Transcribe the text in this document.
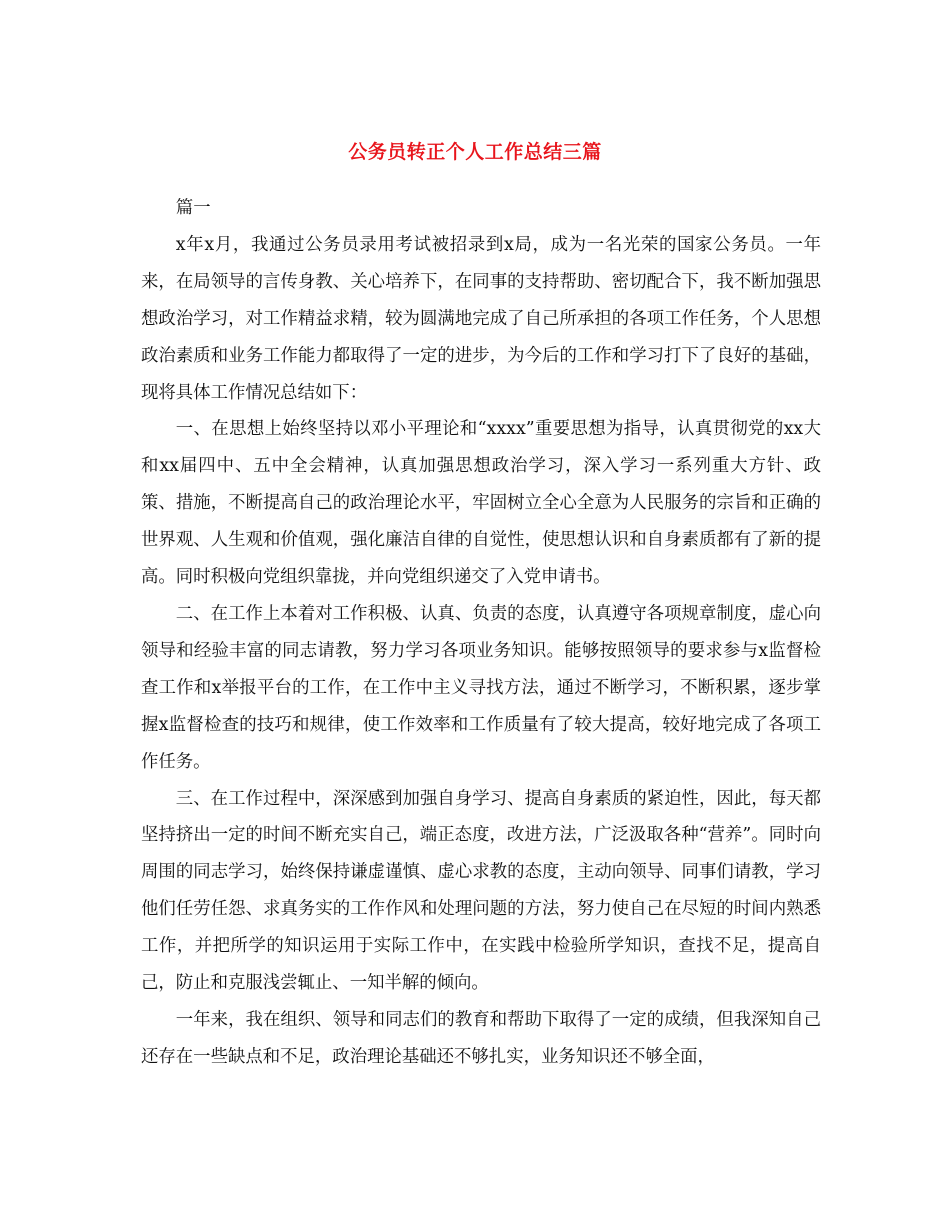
公务员转正个人工作总结三篇

篇一

x年x月，我通过公务员录用考试被招录到x局，成为一名光荣的国家公务员。一年来，在局领导的言传身教、关心培养下，在同事的支持帮助、密切配合下，我不断加强思想政治学习，对工作精益求精，较为圆满地完成了自己所承担的各项工作任务，个人思想政治素质和业务工作能力都取得了一定的进步，为今后的工作和学习打下了良好的基础，现将具体工作情况总结如下：

一、在思想上始终坚持以邓小平理论和“xxxx”重要思想为指导，认真贯彻党的xx大和xx届四中、五中全会精神，认真加强思想政治学习，深入学习一系列重大方针、政策、措施，不断提高自己的政治理论水平，牢固树立全心全意为人民服务的宗旨和正确的世界观、人生观和价值观，强化廉洁自律的自觉性，使思想认识和自身素质都有了新的提高。同时积极向党组织靠拢，并向党组织递交了入党申请书。

二、在工作上本着对工作积极、认真、负责的态度，认真遵守各项规章制度，虚心向领导和经验丰富的同志请教，努力学习各项业务知识。能够按照领导的要求参与x监督检查工作和x举报平台的工作，在工作中主义寻找方法，通过不断学习，不断积累，逐步掌握x监督检查的技巧和规律，使工作效率和工作质量有了较大提高，较好地完成了各项工作任务。

三、在工作过程中，深深感到加强自身学习、提高自身素质的紧迫性，因此，每天都坚持挤出一定的时间不断充实自己，端正态度，改进方法，广泛汲取各种“营养”。同时向周围的同志学习，始终保持谦虚谨慎、虚心求教的态度，主动向领导、同事们请教，学习他们任劳任怨、求真务实的工作作风和处理问题的方法，努力使自己在尽短的时间内熟悉工作，并把所学的知识运用于实际工作中，在实践中检验所学知识，查找不足，提高自己，防止和克服浅尝辄止、一知半解的倾向。

一年来，我在组织、领导和同志们的教育和帮助下取得了一定的成绩，但我深知自己还存在一些缺点和不足，政治理论基础还不够扎实，业务知识还不够全面，
